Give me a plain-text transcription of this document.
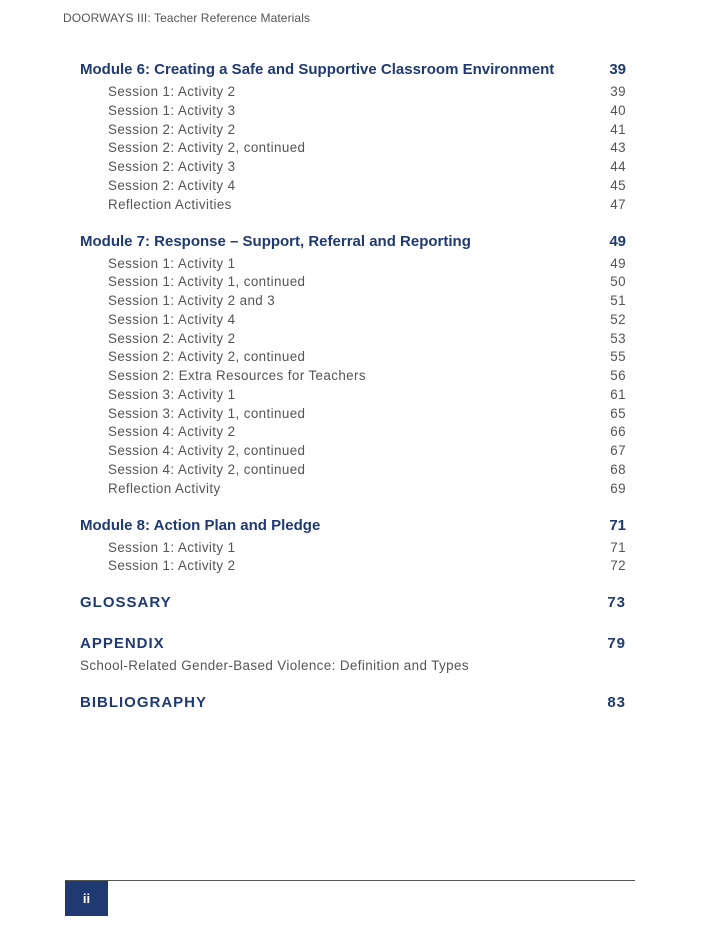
DOORWAYS III: Teacher Reference Materials
Module 6: Creating a Safe and Supportive Classroom Environment	39
Session 1: Activity 2	39
Session 1: Activity 3	40
Session 2: Activity 2	41
Session 2: Activity 2, continued	43
Session 2: Activity 3	44
Session 2: Activity 4	45
Reflection Activities	47
Module 7: Response – Support, Referral and Reporting	49
Session 1: Activity 1	49
Session 1: Activity 1, continued	50
Session 1: Activity 2 and 3	51
Session 1: Activity 4	52
Session 2: Activity 2	53
Session 2: Activity 2, continued	55
Session 2: Extra Resources for Teachers	56
Session 3: Activity 1	61
Session 3: Activity 1, continued	65
Session 4: Activity 2	66
Session 4: Activity 2, continued	67
Session 4: Activity 2, continued	68
Reflection Activity	69
Module 8: Action Plan and Pledge	71
Session 1: Activity 1	71
Session 1: Activity 2	72
GLOSSARY	73
APPENDIX	79
School-Related Gender-Based Violence: Definition and Types
BIBLIOGRAPHY	83
ii
